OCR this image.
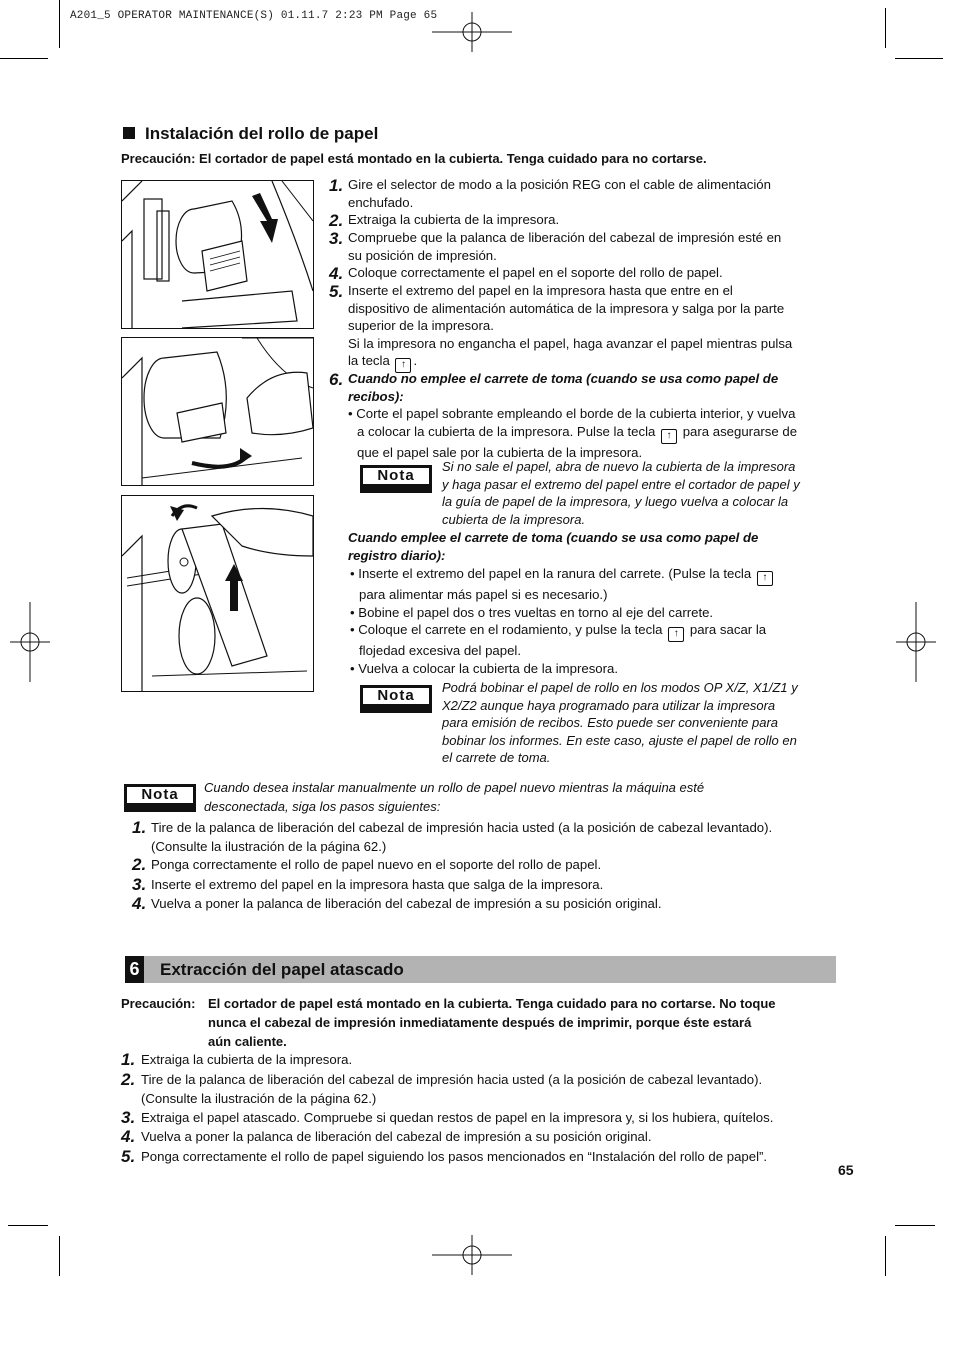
A201_5 OPERATOR MAINTENANCE(S) 01.11.7 2:23 PM Page 65
Instalación del rollo de papel
Precaución: El cortador de papel está montado en la cubierta. Tenga cuidado para no cortarse.
1. Gire el selector de modo a la posición REG con el cable de alimentación
enchufado.
2. Extraiga la cubierta de la impresora.
3. Compruebe que la palanca de liberación del cabezal de impresión esté en
su posición de impresión.
4. Coloque correctamente el papel en el soporte del rollo de papel.
5. Inserte el extremo del papel en la impresora hasta que entre en el
dispositivo de alimentación automática de la impresora y salga por la parte
superior de la impresora.
Si la impresora no engancha el papel, haga avanzar el papel mientras pulsa
la tecla ↑ .
6. Cuando no emplee el carrete de toma (cuando se usa como papel de
recibos):
• Corte el papel sobrante empleando el borde de la cubierta interior, y vuelva
a colocar la cubierta de la impresora. Pulse la tecla ↑ para asegurarse de
que el papel sale por la cubierta de la impresora.
Nota
Si no sale el papel, abra de nuevo la cubierta de la impresora
y haga pasar el extremo del papel entre el cortador de papel y
la guía de papel de la impresora, y luego vuelva a colocar la
cubierta de la impresora.
Cuando emplee el carrete de toma (cuando se usa como papel de
registro diario):
• Inserte el extremo del papel en la ranura del carrete. (Pulse la tecla ↑
para alimentar más papel si es necesario.)
• Bobine el papel dos o tres vueltas en torno al eje del carrete.
• Coloque el carrete en el rodamiento, y pulse la tecla ↑ para sacar la
flojedad excesiva del papel.
• Vuelva a colocar la cubierta de la impresora.
Nota	Podrá bobinar el papel de rollo en los modos OP X/Z, X1/Z1 y
X2/Z2 aunque haya programado para utilizar la impresora
para emisión de recibos. Esto puede ser conveniente para
bobinar los informes. En este caso, ajuste el papel de rollo en
el carrete de toma.
Nota	Cuando desea instalar manualmente un rollo de papel nuevo mientras la máquina esté
desconectada, siga los pasos siguientes:
1. Tire de la palanca de liberación del cabezal de impresión hacia usted (a la posición de cabezal levantado).
(Consulte la ilustración de la página 62.)
2. Ponga correctamente el rollo de papel nuevo en el soporte del rollo de papel.
3. Inserte el extremo del papel en la impresora hasta que salga de la impresora.
4. Vuelva a poner la palanca de liberación del cabezal de impresión a su posición original.
6 Extracción del papel atascado
Precaución: El cortador de papel está montado en la cubierta. Tenga cuidado para no cortarse. No toque
nunca el cabezal de impresión inmediatamente después de imprimir, porque éste estará
aún caliente.
1. Extraiga la cubierta de la impresora.
2. Tire de la palanca de liberación del cabezal de impresión hacia usted (a la posición de cabezal levantado).
(Consulte la ilustración de la página 62.)
3. Extraiga el papel atascado. Compruebe si quedan restos de papel en la impresora y, si los hubiera, quítelos.
4. Vuelva a poner la palanca de liberación del cabezal de impresión a su posición original.
5. Ponga correctamente el rollo de papel siguiendo los pasos mencionados en “Instalación del rollo de papel”.
65
